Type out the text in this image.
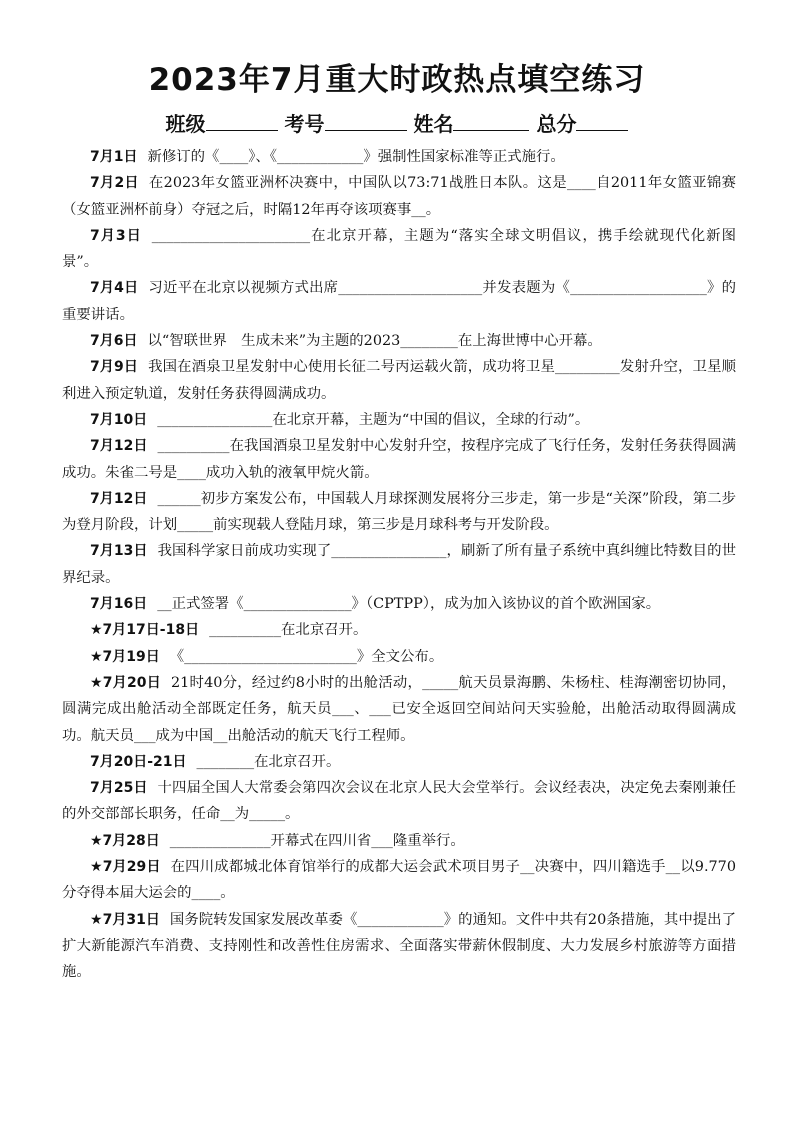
2023年7月重大时政热点填空练习
班级	考号	姓名	总分

7月1日 新修订的《____》、《____________》强制性国家标准等正式施行。

7月2日 在2023年女篮亚洲杯决赛中，中国队以73:71战胜日本队。这是____自2011年女篮亚锦赛（女篮亚洲杯前身）夺冠之后，时隔12年再夺该项赛事__。

7月3日 ______________________在北京开幕，主题为“落实全球文明倡议，携手绘就现代化新图景”。

7月4日 习近平在北京以视频方式出席____________________并发表题为《___________________》的重要讲话。

7月6日 以“智联世界　生成未来”为主题的2023________在上海世博中心开幕。

7月9日 我国在酒泉卫星发射中心使用长征二号丙运载火箭，成功将卫星_________发射升空，卫星顺利进入预定轨道，发射任务获得圆满成功。

7月10日 ________________在北京开幕，主题为“中国的倡议，全球的行动”。

7月12日 __________在我国酒泉卫星发射中心发射升空，按程序完成了飞行任务，发射任务获得圆满成功。朱雀二号是____成功入轨的液氧甲烷火箭。

7月12日 ______初步方案发公布，中国载人月球探测发展将分三步走，第一步是“关深”阶段，第二步为登月阶段，计划_____前实现载人登陆月球，第三步是月球科考与开发阶段。

7月13日 我国科学家日前成功实现了________________，刷新了所有量子系统中真纠缠比特数目的世界纪录。

7月16日 __正式签署《_______________》（CPTPP），成为加入该协议的首个欧洲国家。

★7月17日-18日 __________在北京召开。

★7月19日 《________________________》全文公布。

★7月20日 21时40分，经过约8小时的出舱活动，_____航天员景海鹏、朱杨柱、桂海潮密切协同，圆满完成出舱活动全部既定任务，航天员___、___已安全返回空间站问天实验舱，出舱活动取得圆满成功。航天员___成为中国__出舱活动的航天飞行工程师。

7月20日-21日 ________在北京召开。

7月25日 十四届全国人大常委会第四次会议在北京人民大会堂举行。会议经表决，决定免去秦刚兼任的外交部部长职务，任命__为_____。

★7月28日 ______________开幕式在四川省___隆重举行。

★7月29日 在四川成都城北体育馆举行的成都大运会武术项目男子__决赛中，四川籍选手__以9.770分夺得本届大运会的____。

★7月31日 国务院转发国家发展改革委《____________》的通知。文件中共有20条措施，其中提出了扩大新能源汽车消费、支持刚性和改善性住房需求、全面落实带薪休假制度、大力发展乡村旅游等方面措施。
